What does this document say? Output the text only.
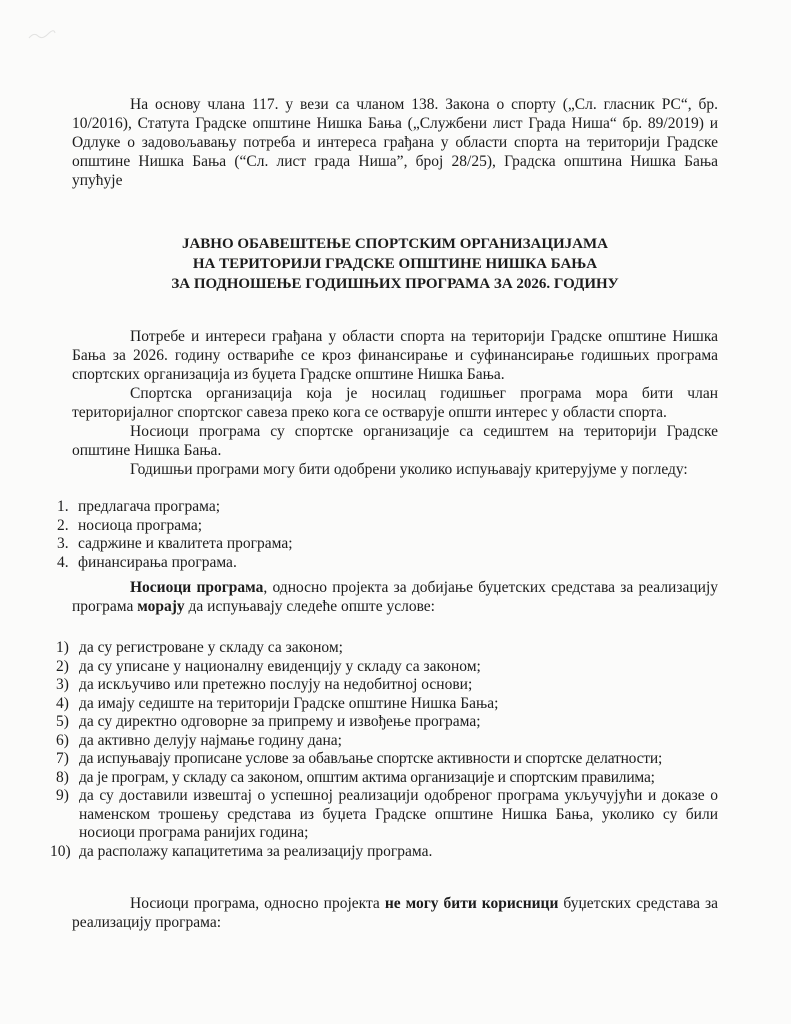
На основу члана 117. у вези са чланом 138. Закона о спорту („Сл. гласник РС“, бр. 10/2016), Статута Градске општине Нишка Бања („Службени лист Града Ниша“ бр. 89/2019) и Одлуке о задовољавању потреба и интереса грађана у области спорта на територији Градске општине Нишка Бања (“Сл. лист града Ниша”, број 28/25), Градска општина Нишка Бања упућује

ЈАВНО ОБАВЕШТЕЊЕ СПОРТСКИМ ОРГАНИЗАЦИЈАМА
НА ТЕРИТОРИЈИ ГРАДСКЕ ОПШТИНЕ НИШКА БАЊА
ЗА ПОДНОШЕЊЕ ГОДИШЊИХ ПРОГРАМА ЗА 2026. ГОДИНУ

Потребе и интереси грађана у области спорта на територији Градске општине Нишка Бања за 2026. годину оствариће се кроз финансирање и суфинансирање годишњих програма спортских организација из буџета Градске општине Нишка Бања.

Спортска организација која је носилац годишњег програма мора бити члан територијалног спортског савеза преко кога се остварује општи интерес у области спорта.

Носиоци програма су спортске организације са седиштем на територији Градске општине Нишка Бања.

Годишњи програми могу бити одобрени уколико испуњавају критерујуме у погледу:

1. предлагача програма;
2. носиоца програма;
3. садржине и квалитета програма;
4. финансирања програма.

Носиоци програма, односно пројекта за добијање буџетских средстава за реализацију програма морају да испуњавају следеће опште услове:

1) да су регистроване у складу са законом;
2) да су уписане у националну евиденцију у складу са законом;
3) да искључиво или претежно послују на недобитној основи;
4) да имају седиште на територији Градске општине Нишка Бања;
5) да су директно одговорне за припрему и извођење програма;
6) да активно делују најмање годину дана;
7) да испуњавају прописане услове за обављање спортске активности и спортске делатности;
8) да је програм, у складу са законом, општим актима организације и спортским правилима;
9) да су доставили извештај о успешној реализацији одобреног програма укључујући и доказе о наменском трошењу средстава из буџета Градске општине Нишка Бања, уколико су били носиоци програма ранијих година;
10) да располажу капацитетима за реализацију програма.

Носиоци програма, односно пројекта не могу бити корисници буџетских средстава за реализацију програма:
